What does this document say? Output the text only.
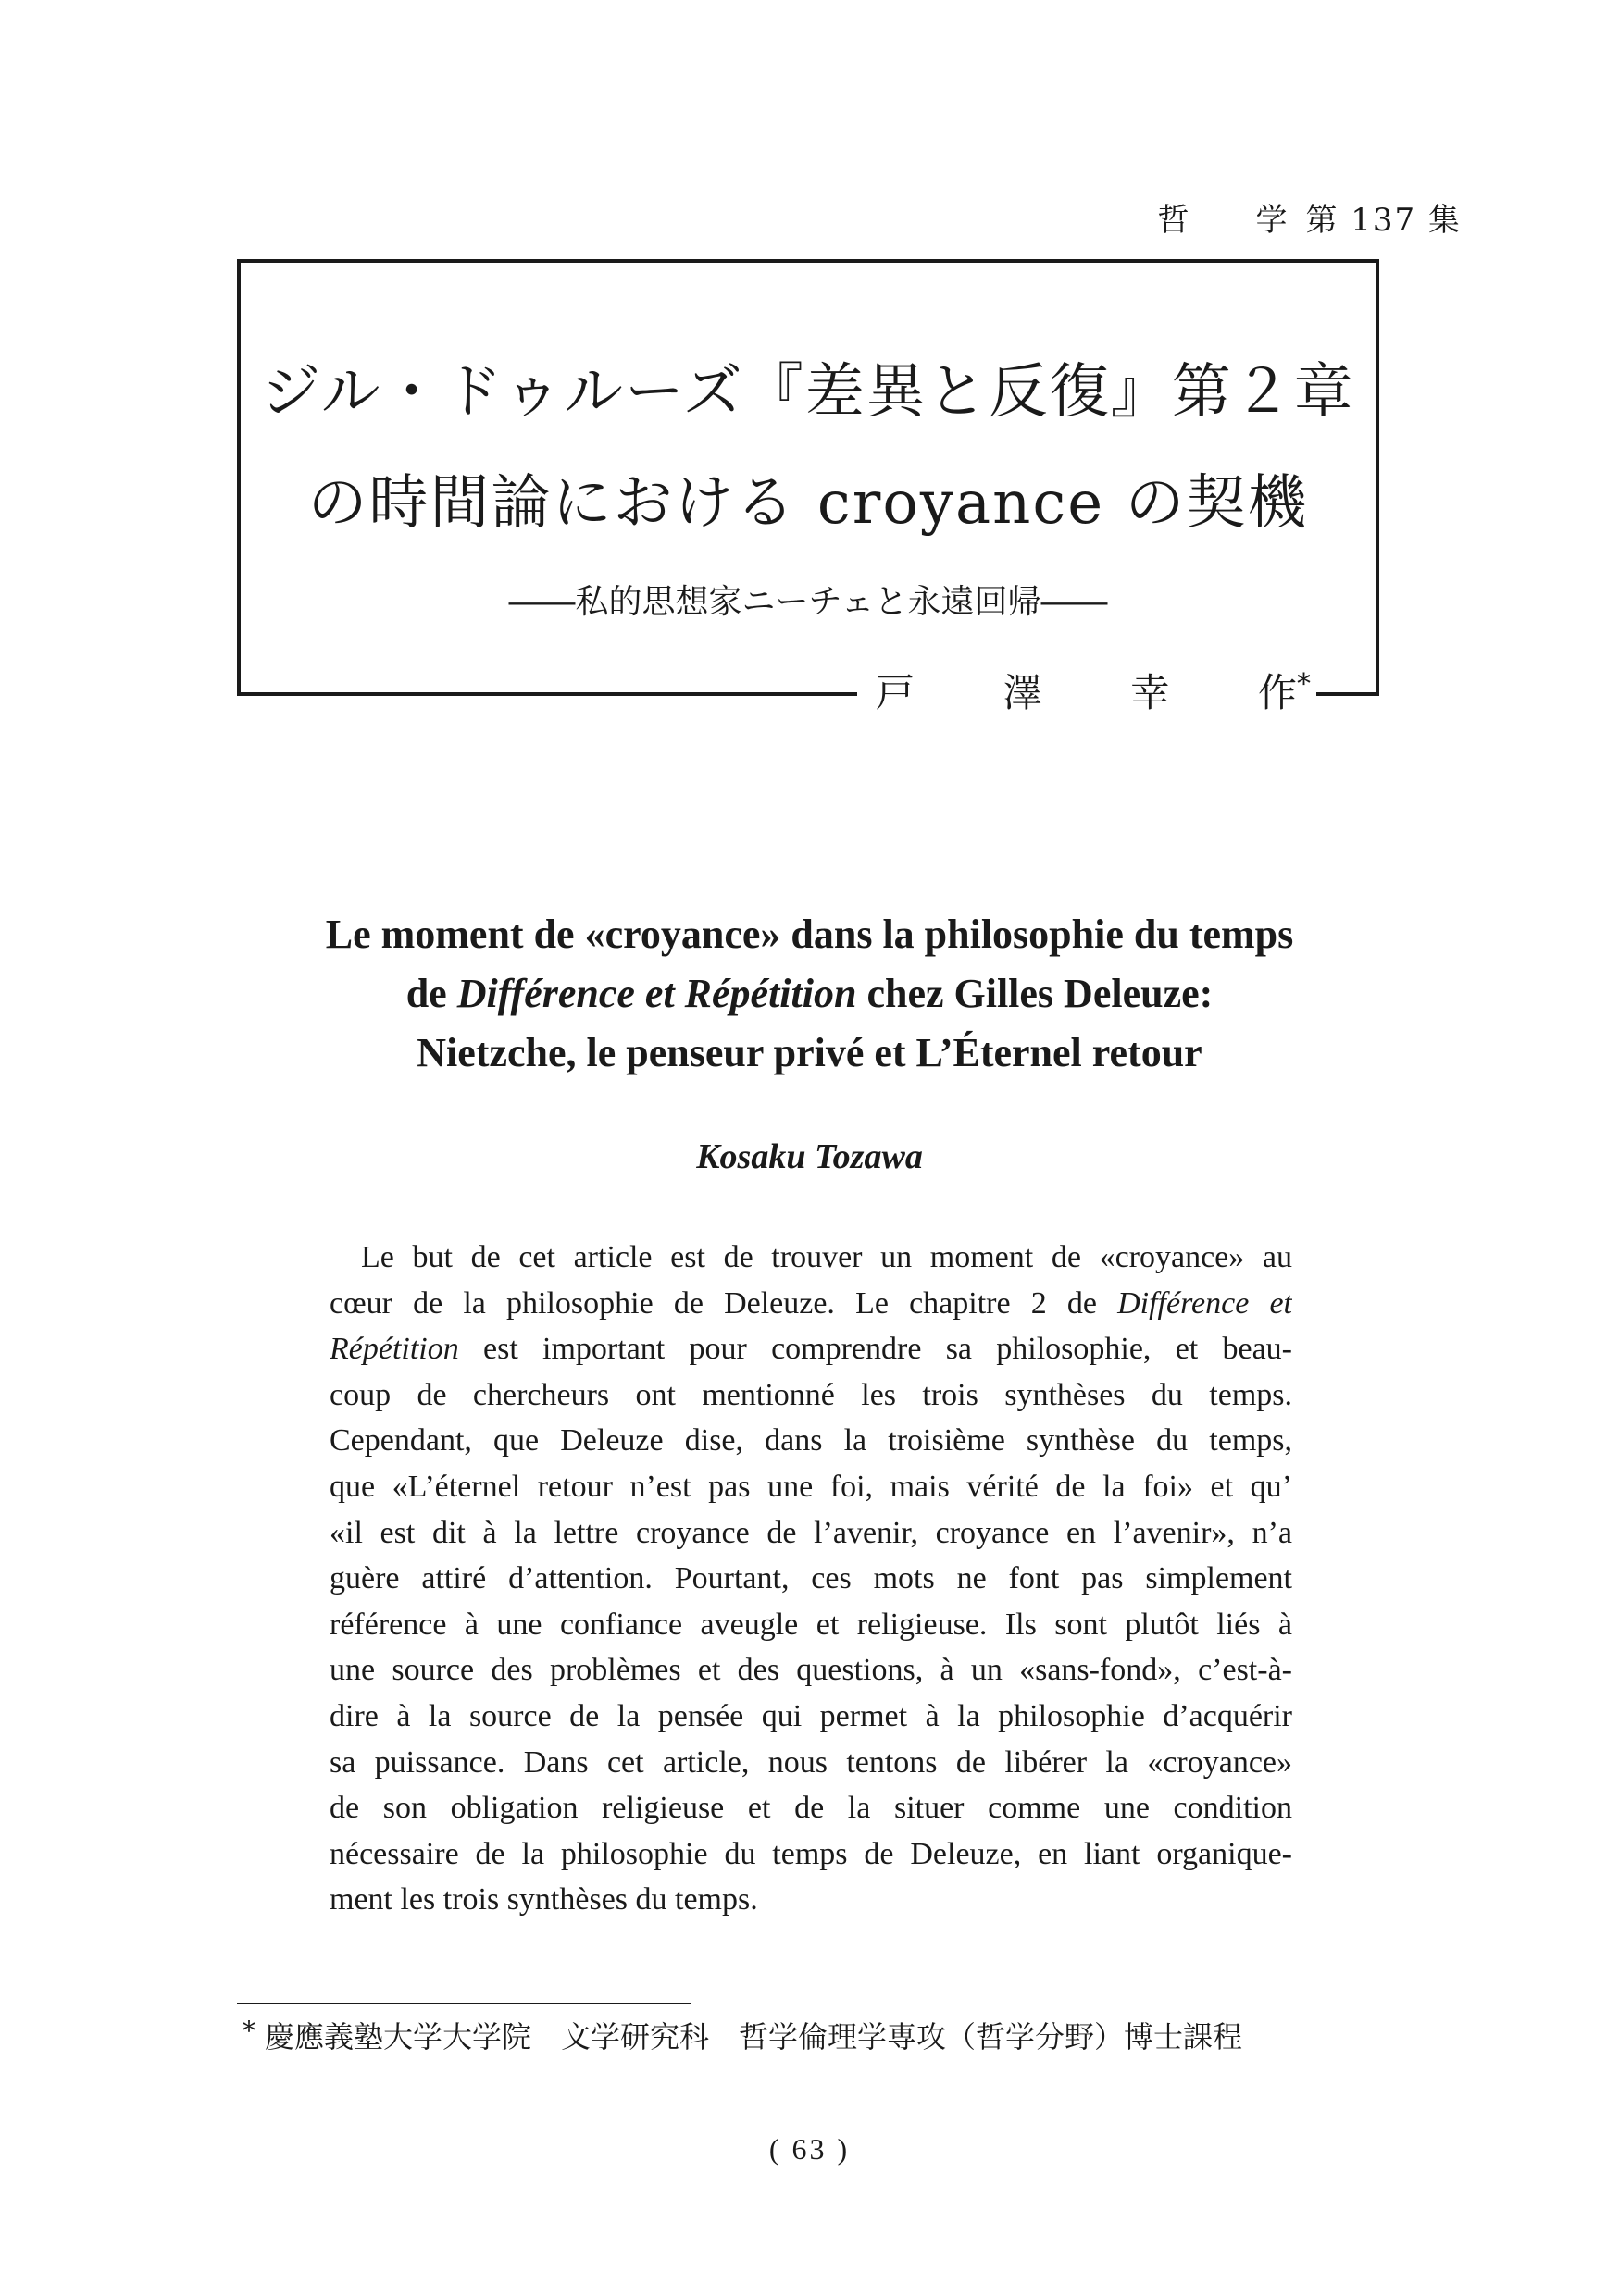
哲 学 第 137 集
ジル・ドゥルーズ『差異と反復』第２章
の時間論における croyance の契機
――私的思想家ニーチェと永遠回帰――
戸 澤 幸 作*
Le moment de «croyance» dans la philosophie du temps
de Différence et Répétition chez Gilles Deleuze:
Nietzche, le penseur privé et L’Éternel retour
Kosaku Tozawa
Le but de cet article est de trouver un moment de «croyance» au
cœur de la philosophie de Deleuze. Le chapitre 2 de Différence et
Répétition est important pour comprendre sa philosophie, et beau-
coup de chercheurs ont mentionné les trois synthèses du temps.
Cependant, que Deleuze dise, dans la troisième synthèse du temps,
que «L’éternel retour n’est pas une foi, mais vérité de la foi» et qu’
«il est dit à la lettre croyance de l’avenir, croyance en l’avenir», n’a
guère attiré d’attention. Pourtant, ces mots ne font pas simplement
référence à une confiance aveugle et religieuse. Ils sont plutôt liés à
une source des problèmes et des questions, à un «sans-fond», c’est-à-
dire à la source de la pensée qui permet à la philosophie d’acquérir
sa puissance. Dans cet article, nous tentons de libérer la «croyance»
de son obligation religieuse et de la situer comme une condition
nécessaire de la philosophie du temps de Deleuze, en liant organique-
ment les trois synthèses du temps.
* 慶應義塾大学大学院　文学研究科　哲学倫理学専攻（哲学分野）博士課程
( 63 )
